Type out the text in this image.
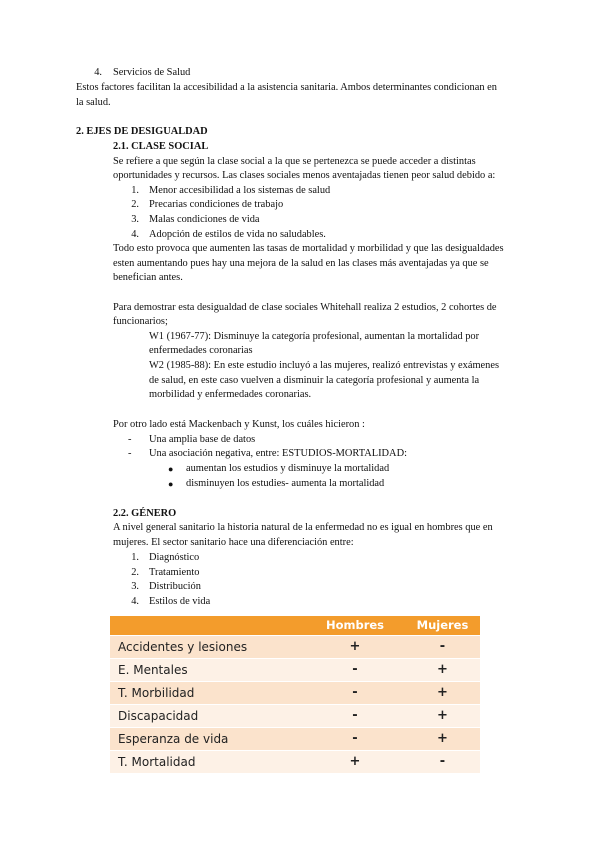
4. Servicios de Salud
Estos factores facilitan la accesibilidad a la asistencia sanitaria. Ambos determinantes condicionan en
la salud.
2. EJES DE DESIGUALDAD
2.1. CLASE SOCIAL
Se refiere a que según la clase social a la que se pertenezca se puede acceder a distintas
oportunidades y recursos. Las clases sociales menos aventajadas tienen peor salud debido a:
1. Menor accesibilidad a los sistemas de salud
2. Precarias condiciones de trabajo
3. Malas condiciones de vida
4. Adopción de estilos de vida no saludables.
Todo esto provoca que aumenten las tasas de mortalidad y morbilidad y que las desigualdades
esten aumentando pues hay una mejora de la salud en las clases más aventajadas ya que se
benefician antes.
Para demostrar esta desigualdad de clase sociales Whitehall realiza 2 estudios, 2 cohortes de
funcionarios;
W1 (1967-77): Disminuye la categoría profesional, aumentan la mortalidad por
enfermedades coronarias
W2 (1985-88): En este estudio incluyó a las mujeres, realizó entrevistas y exámenes
de salud, en este caso vuelven a disminuir la categoría profesional y aumenta la
morbilidad y enfermedades coronarias.
Por otro lado está Mackenbach y Kunst, los cuáles hicieron :
- Una amplia base de datos
- Una asociación negativa, entre: ESTUDIOS-MORTALIDAD:
● aumentan los estudios y disminuye la mortalidad
● disminuyen los estudies- aumenta la mortalidad
2.2. GÉNERO
A nivel general sanitario la historia natural de la enfermedad no es igual en hombres que en
mujeres. El sector sanitario hace una diferenciación entre:
1. Diagnóstico
2. Tratamiento
3. Distribución
4. Estilos de vida
	Hombres	Mujeres
Accidentes y lesiones	+	-
E. Mentales	-	+
T. Morbilidad	-	+
Discapacidad	-	+
Esperanza de vida	-	+
T. Mortalidad	+	-
